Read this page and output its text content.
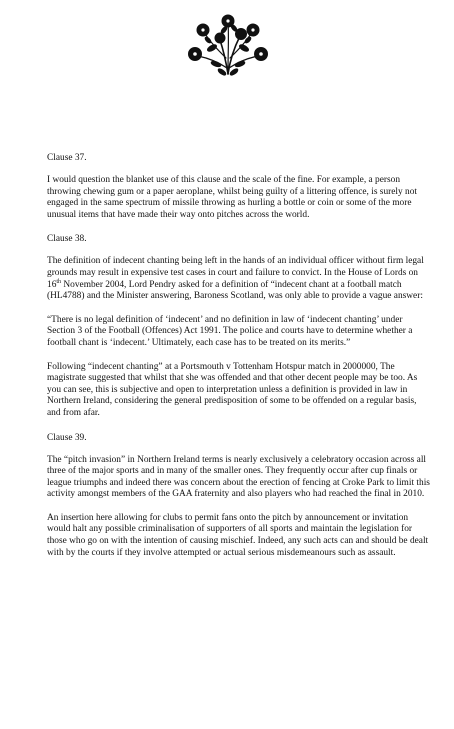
Clause 37.

I would question the blanket use of this clause and the scale of the fine. For example, a person throwing chewing gum or a paper aeroplane, whilst being guilty of a littering offence, is surely not engaged in the same spectrum of missile throwing as hurling a bottle or coin or some of the more unusual items that have made their way onto pitches across the world.

Clause 38.

The definition of indecent chanting being left in the hands of an individual officer without firm legal grounds may result in expensive test cases in court and failure to convict. In the House of Lords on 16th November 2004, Lord Pendry asked for a definition of “indecent chant at a football match (HL4788) and the Minister answering, Baroness Scotland, was only able to provide a vague answer:

“There is no legal definition of ‘indecent’ and no definition in law of ‘indecent chanting’ under Section 3 of the Football (Offences) Act 1991. The police and courts have to determine whether a football chant is ‘indecent.’ Ultimately, each case has to be treated on its merits.”

Following “indecent chanting” at a Portsmouth v Tottenham Hotspur match in 2000000, The magistrate suggested that whilst that she was offended and that other decent people may be too. As you can see, this is subjective and open to interpretation unless a definition is provided in law in Northern Ireland, considering the general predisposition of some to be offended on a regular basis, and from afar.

Clause 39.

The “pitch invasion” in Northern Ireland terms is nearly exclusively a celebratory occasion across all three of the major sports and in many of the smaller ones. They frequently occur after cup finals or league triumphs and indeed there was concern about the erection of fencing at Croke Park to limit this activity amongst members of the GAA fraternity and also players who had reached the final in 2010.

An insertion here allowing for clubs to permit fans onto the pitch by announcement or invitation would halt any possible criminalisation of supporters of all sports and maintain the legislation for those who go on with the intention of causing mischief. Indeed, any such acts can and should be dealt with by the courts if they involve attempted or actual serious misdemeanours such as assault.
